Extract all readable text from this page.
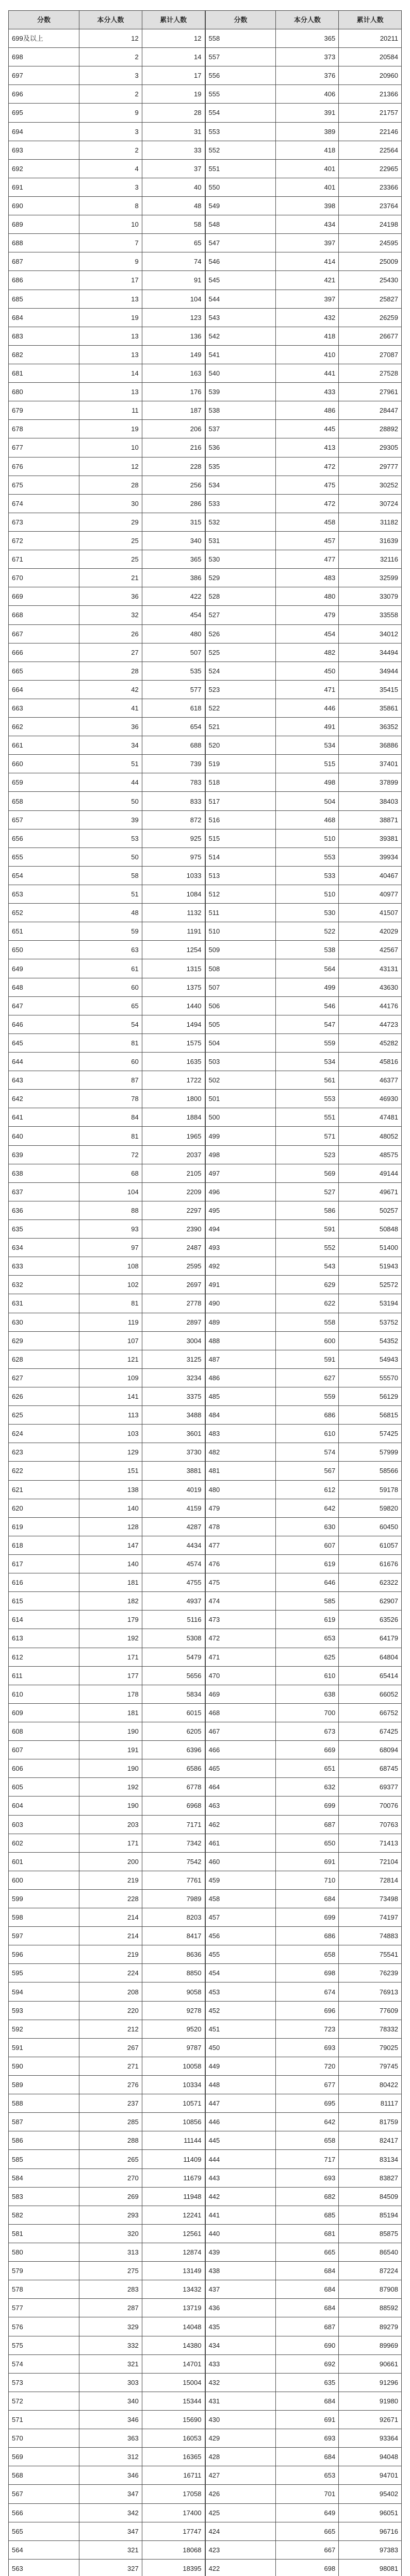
分数	本分人数	累计人数
699及以上	12	12
698	2	14
697	3	17
696	2	19
695	9	28
694	3	31
693	2	33
692	4	37
691	3	40
690	8	48
689	10	58
688	7	65
687	9	74
686	17	91
685	13	104
684	19	123
683	13	136
682	13	149
681	14	163
680	13	176
679	11	187
678	19	206
677	10	216
676	12	228
675	28	256
674	30	286
673	29	315
672	25	340
671	25	365
670	21	386
669	36	422
668	32	454
667	26	480
666	27	507
665	28	535
664	42	577
663	41	618
662	36	654
661	34	688
660	51	739
659	44	783
658	50	833
657	39	872
656	53	925
655	50	975
654	58	1033
653	51	1084
652	48	1132
651	59	1191
650	63	1254
649	61	1315
648	60	1375
647	65	1440
646	54	1494
645	81	1575
644	60	1635
643	87	1722
642	78	1800
641	84	1884
640	81	1965
639	72	2037
638	68	2105
637	104	2209
636	88	2297
635	93	2390
634	97	2487
633	108	2595
632	102	2697
631	81	2778
630	119	2897
629	107	3004
628	121	3125
627	109	3234
626	141	3375
625	113	3488
624	103	3601
623	129	3730
622	151	3881
621	138	4019
620	140	4159
619	128	4287
618	147	4434
617	140	4574
616	181	4755
615	182	4937
614	179	5116
613	192	5308
612	171	5479
611	177	5656
610	178	5834
609	181	6015
608	190	6205
607	191	6396
606	190	6586
605	192	6778
604	190	6968
603	203	7171
602	171	7342
601	200	7542
600	219	7761
599	228	7989
598	214	8203
597	214	8417
596	219	8636
595	224	8850
594	208	9058
593	220	9278
592	212	9520
591	267	9787
590	271	10058
589	276	10334
588	237	10571
587	285	10856
586	288	11144
585	265	11409
584	270	11679
583	269	11948
582	293	12241
581	320	12561
580	313	12874
579	275	13149
578	283	13432
577	287	13719
576	329	14048
575	332	14380
574	321	14701
573	303	15004
572	340	15344
571	346	15690
570	363	16053
569	312	16365
568	346	16711
567	347	17058
566	342	17400
565	347	17747
564	321	18068
563	327	18395

分数	本分人数	累计人数
558	365	20211
557	373	20584
556	376	20960
555	406	21366
554	391	21757
553	389	22146
552	418	22564
551	401	22965
550	401	23366
549	398	23764
548	434	24198
547	397	24595
546	414	25009
545	421	25430
544	397	25827
543	432	26259
542	418	26677
541	410	27087
540	441	27528
539	433	27961
538	486	28447
537	445	28892
536	413	29305
535	472	29777
534	475	30252
533	472	30724
532	458	31182
531	457	31639
530	477	32116
529	483	32599
528	480	33079
527	479	33558
526	454	34012
525	482	34494
524	450	34944
523	471	35415
522	446	35861
521	491	36352
520	534	36886
519	515	37401
518	498	37899
517	504	38403
516	468	38871
515	510	39381
514	553	39934
513	533	40467
512	510	40977
511	530	41507
510	522	42029
509	538	42567
508	564	43131
507	499	43630
506	546	44176
505	547	44723
504	559	45282
503	534	45816
502	561	46377
501	553	46930
500	551	47481
499	571	48052
498	523	48575
497	569	49144
496	527	49671
495	586	50257
494	591	50848
493	552	51400
492	543	51943
491	629	52572
490	622	53194
489	558	53752
488	600	54352
487	591	54943
486	627	55570
485	559	56129
484	686	56815
483	610	57425
482	574	57999
481	567	58566
480	612	59178
479	642	59820
478	630	60450
477	607	61057
476	619	61676
475	646	62322
474	585	62907
473	619	63526
472	653	64179
471	625	64804
470	610	65414
469	638	66052
468	700	66752
467	673	67425
466	669	68094
465	651	68745
464	632	69377
463	699	70076
462	687	70763
461	650	71413
460	691	72104
459	710	72814
458	684	73498
457	699	74197
456	686	74883
455	658	75541
454	698	76239
453	674	76913
452	696	77609
451	723	78332
450	693	79025
449	720	79745
448	677	80422
447	695	81117
446	642	81759
445	658	82417
444	717	83134
443	693	83827
442	682	84509
441	685	85194
440	681	85875
439	665	86540
438	684	87224
437	684	87908
436	684	88592
435	687	89279
434	690	89969
433	692	90661
432	635	91296
431	684	91980
430	691	92671
429	693	93364
428	684	94048
427	653	94701
426	701	95402
425	649	96051
424	665	96716
423	667	97383
422	698	98081
